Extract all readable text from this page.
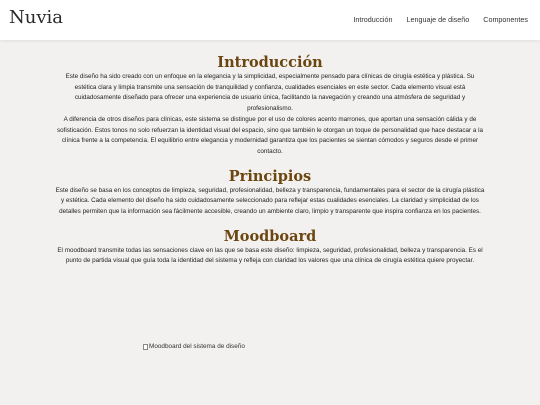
Nuvia	Introducción Lenguaje de diseño Componentes
Introducción

Este diseño ha sido creado con un enfoque en la elegancia y la simplicidad, especialmente pensado para clínicas de cirugía estética y plástica. Su estética clara y limpia transmite una sensación de tranquilidad y confianza, cualidades esenciales en este sector. Cada elemento visual está cuidadosamente diseñado para ofrecer una experiencia de usuario única, facilitando la navegación y creando una atmósfera de seguridad y profesionalismo.

A diferencia de otros diseños para clínicas, este sistema se distingue por el uso de colores acento marrones, que aportan una sensación cálida y de sofisticación. Estos tonos no solo refuerzan la identidad visual del espacio, sino que también le otorgan un toque de personalidad que hace destacar a la clínica frente a la competencia. El equilibrio entre elegancia y modernidad garantiza que los pacientes se sientan cómodos y seguros desde el primer contacto.

Principios

Este diseño se basa en los conceptos de limpieza, seguridad, profesionalidad, belleza y transparencia, fundamentales para el sector de la cirugía plástica y estética. Cada elemento del diseño ha sido cuidadosamente seleccionado para reflejar estas cualidades esenciales. La claridad y simplicidad de los detalles permiten que la información sea fácilmente accesible, creando un ambiente claro, limpio y transparente que inspira confianza en los pacientes.

Moodboard

El moodboard transmite todas las sensaciones clave en las que se basa este diseño: limpieza, seguridad, profesionalidad, belleza y transparencia. Es el punto de partida visual que guía toda la identidad del sistema y refleja con claridad los valores que una clínica de cirugía estética quiere proyectar.

Moodboard del sistema de diseño
